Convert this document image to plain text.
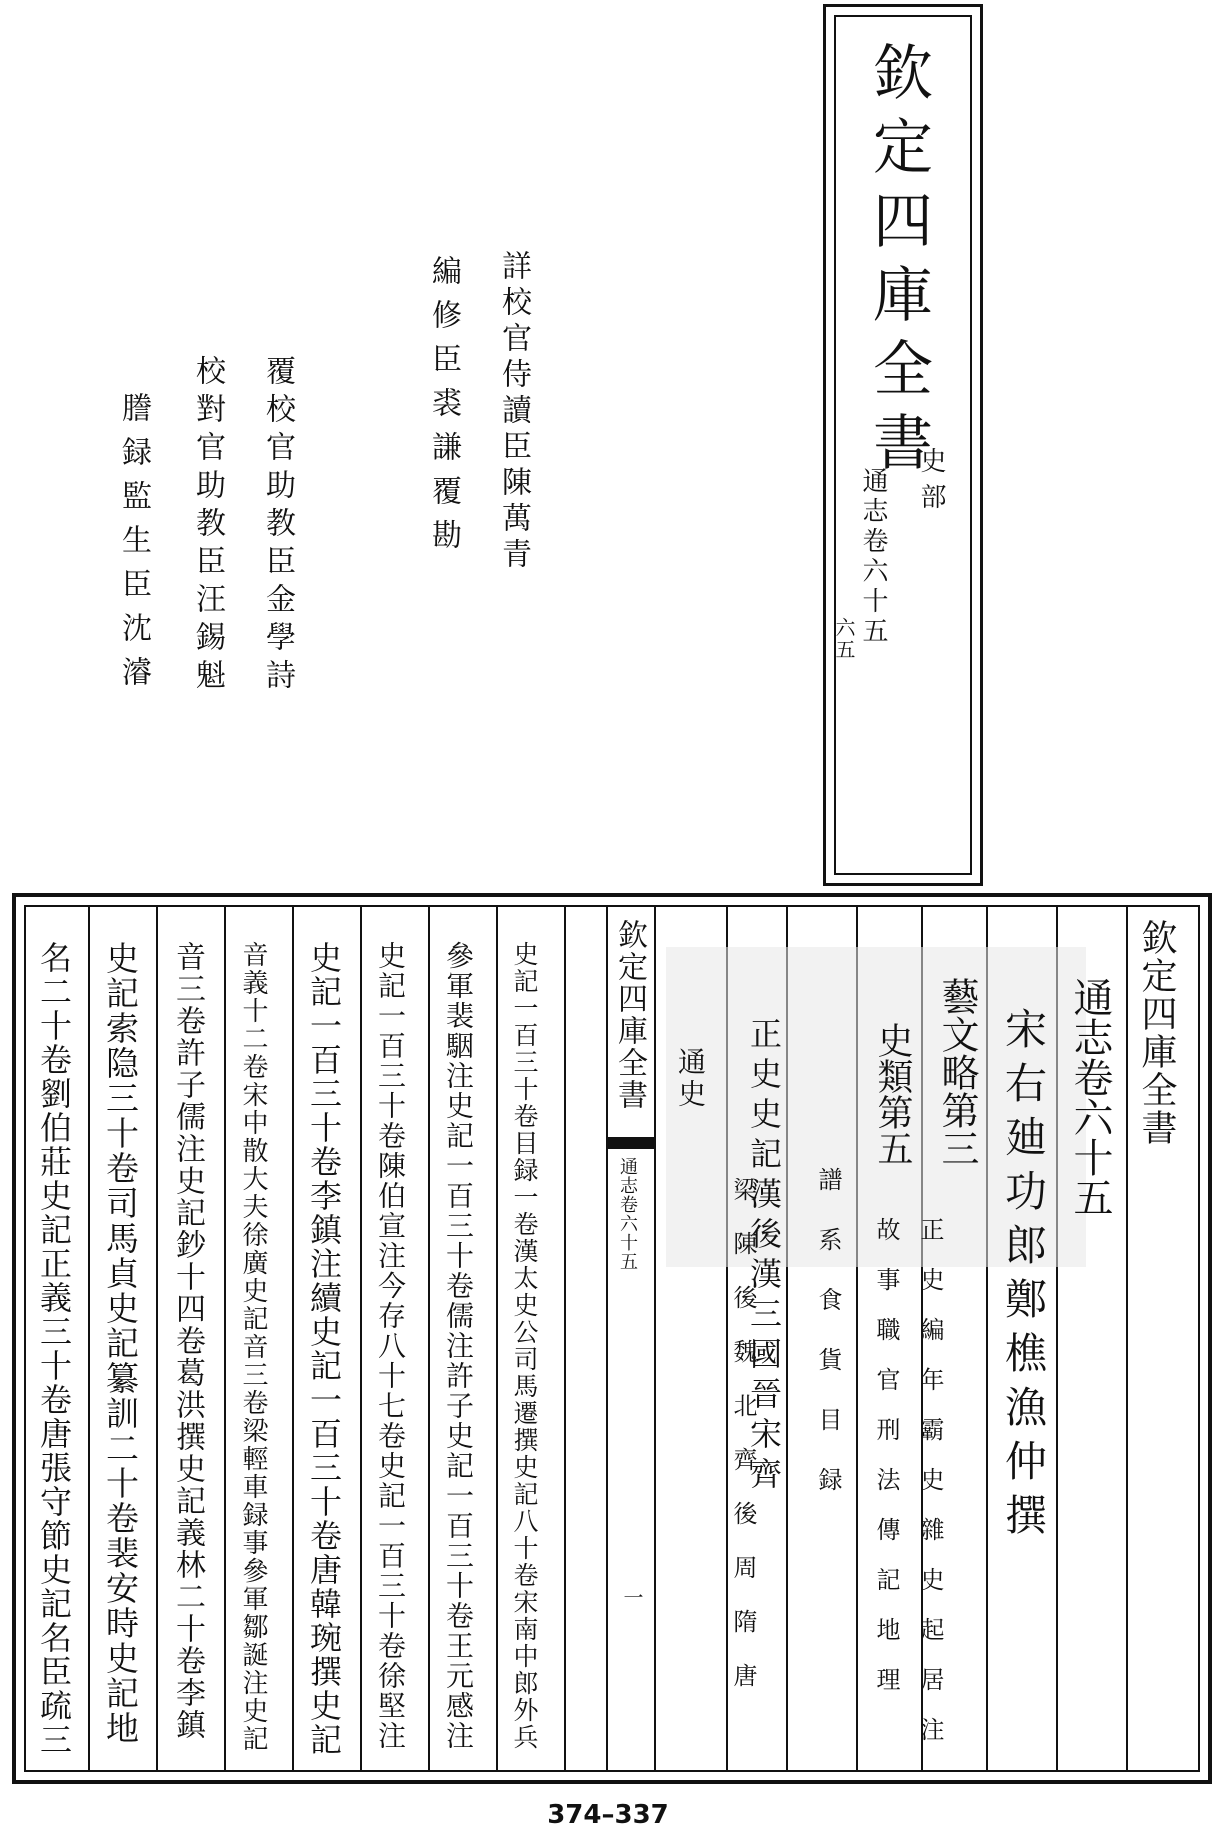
欽定四庫全書
史部
通志卷六十五
六五
詳校官侍讀臣陳萬青
編修臣裘謙覆勘
覆校官助教臣金學詩
校對官助教臣汪錫魁
謄録監生臣沈濬
欽定四庫全書
通志卷六十五
一
欽定四庫全書
通志卷六十五
宋右廸功郎鄭樵漁仲撰
藝文略第三
史類第五
正史編年霸史雜史起居注
故事職官刑法傳記地理
譜系食貨目録
正史史記漢後漢三國晉宋齊
梁陳後魏北齊後周隋唐
通史
史記一百三十卷目録一卷漢太史公司馬遷撰史記八十卷宋南中郎外兵
參軍裴駰注史記一百三十卷儒注許子史記一百三十卷王元感注
史記一百三十卷陳伯宣注今存八十七卷史記一百三十卷徐堅注
史記一百三十卷李鎮注續史記一百三十卷唐韓琬撰史記
音義十二卷宋中散大夫徐廣史記音三卷梁輕車録事參軍鄒誕注史記
音三卷許子儒注史記鈔十四卷葛洪撰史記義林二十卷李鎮
史記索隐三十卷司馬貞史記纂訓二十卷裴安時史記地
名二十卷劉伯莊史記正義三十卷唐張守節史記名臣疏三
374–337
